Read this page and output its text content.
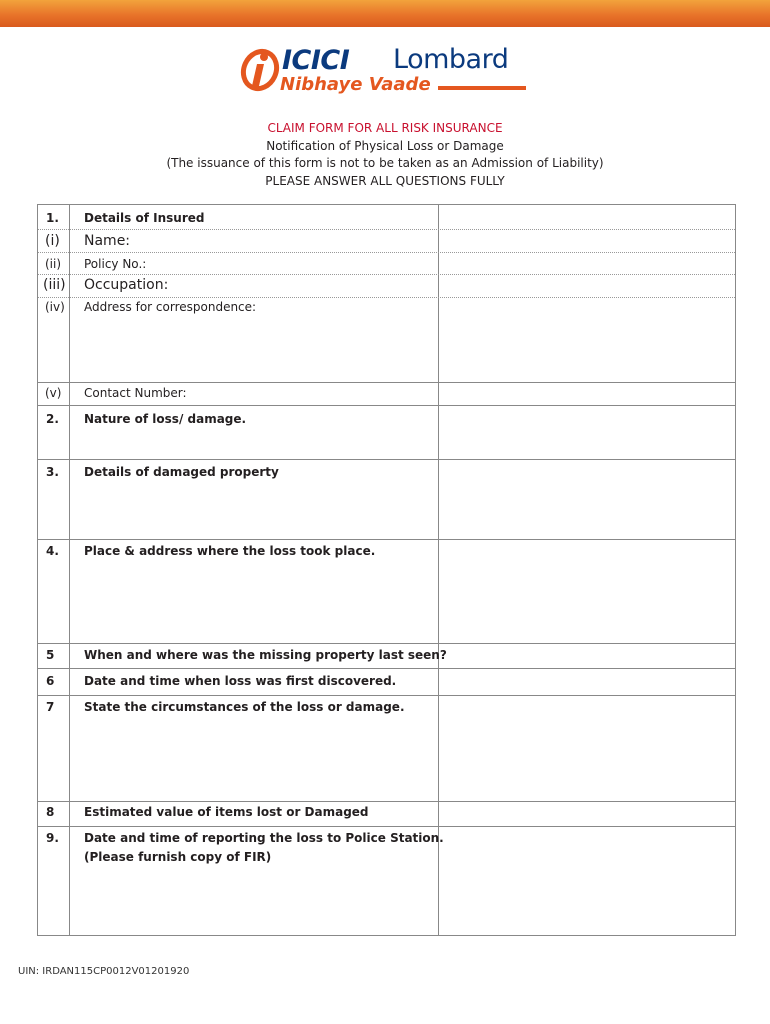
ICICI Lombard
Nibhaye Vaade
CLAIM FORM FOR ALL RISK INSURANCE
Notification of Physical Loss or Damage
(The issuance of this form is not to be taken as an Admission of Liability)
PLEASE ANSWER ALL QUESTIONS FULLY
1. Details of Insured
(i) Name:
(ii) Policy No.:
(iii) Occupation:
(iv) Address for correspondence:
(v) Contact Number:
2. Nature of loss/ damage.
3. Details of damaged property
4. Place & address where the loss took place.
5 When and where was the missing property last seen?
6 Date and time when loss was first discovered.
7 State the circumstances of the loss or damage.
8 Estimated value of items lost or Damaged
9. Date and time of reporting the loss to Police Station.
(Please furnish copy of FIR)
UIN: IRDAN115CP0012V01201920
